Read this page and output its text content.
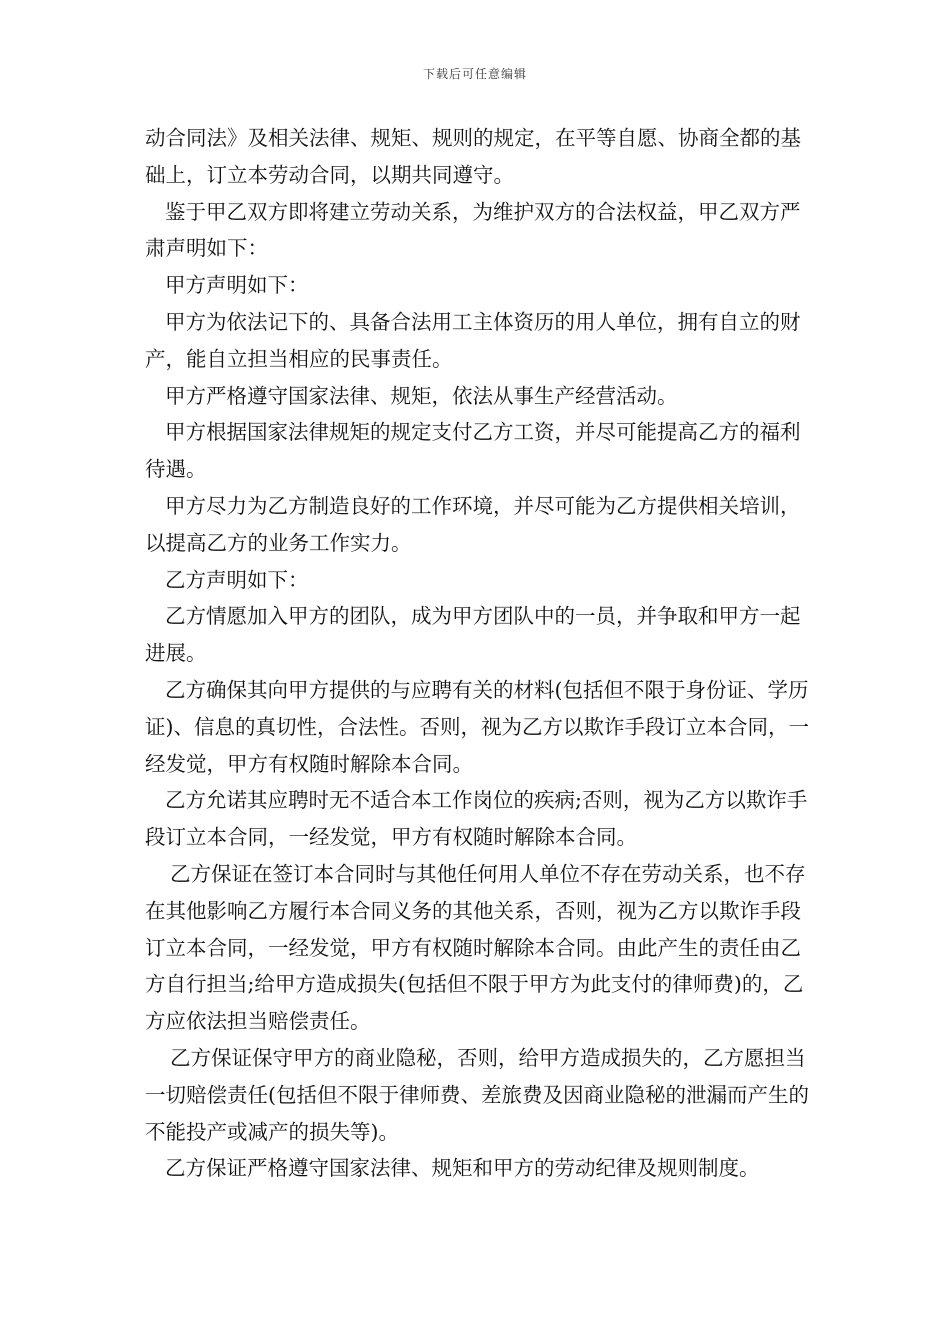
下载后可任意编辑

动合同法》及相关法律、规矩、规则的规定，在平等自愿、协商全都的基础上，订立本劳动合同，以期共同遵守。

鉴于甲乙双方即将建立劳动关系，为维护双方的合法权益，甲乙双方严肃声明如下：

甲方声明如下：

甲方为依法记下的、具备合法用工主体资历的用人单位，拥有自立的财产，能自立担当相应的民事责任。

甲方严格遵守国家法律、规矩，依法从事生产经营活动。

甲方根据国家法律规矩的规定支付乙方工资，并尽可能提高乙方的福利待遇。

甲方尽力为乙方制造良好的工作环境，并尽可能为乙方提供相关培训，以提高乙方的业务工作实力。

乙方声明如下：

乙方情愿加入甲方的团队，成为甲方团队中的一员，并争取和甲方一起进展。

乙方确保其向甲方提供的与应聘有关的材料(包括但不限于身份证、学历证)、信息的真切性，合法性。否则，视为乙方以欺诈手段订立本合同，一经发觉，甲方有权随时解除本合同。

乙方允诺其应聘时无不适合本工作岗位的疾病;否则，视为乙方以欺诈手段订立本合同，一经发觉，甲方有权随时解除本合同。

乙方保证在签订本合同时与其他任何用人单位不存在劳动关系，也不存在其他影响乙方履行本合同义务的其他关系，否则，视为乙方以欺诈手段订立本合同，一经发觉，甲方有权随时解除本合同。由此产生的责任由乙方自行担当;给甲方造成损失(包括但不限于甲方为此支付的律师费)的，乙方应依法担当赔偿责任。

乙方保证保守甲方的商业隐秘，否则，给甲方造成损失的，乙方愿担当一切赔偿责任(包括但不限于律师费、差旅费及因商业隐秘的泄漏而产生的不能投产或减产的损失等)。

乙方保证严格遵守国家法律、规矩和甲方的劳动纪律及规则制度。
